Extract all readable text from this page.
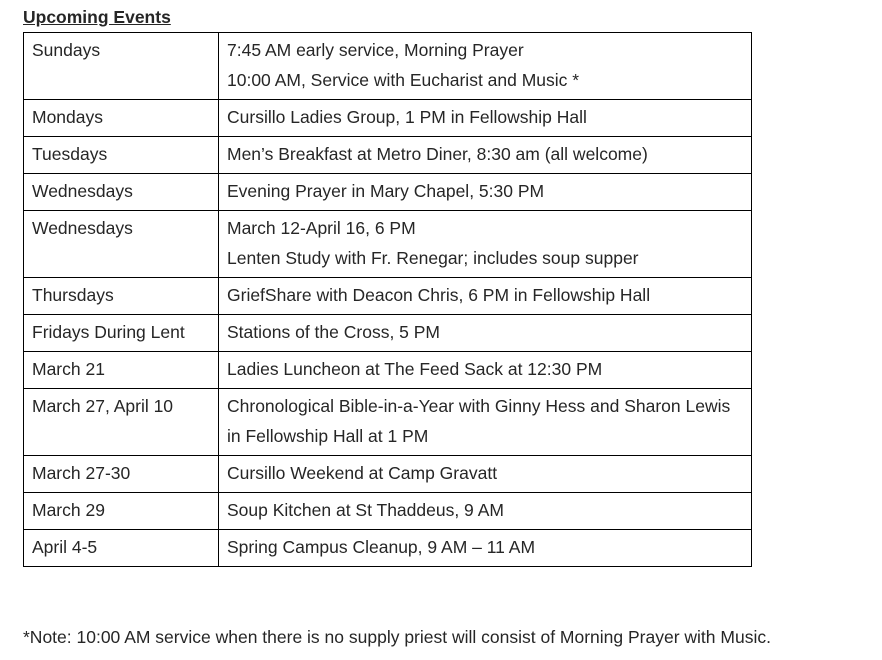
Upcoming Events
Sundays	7:45 AM early service, Morning Prayer
10:00 AM, Service with Eucharist and Music *

Mondays	Cursillo Ladies Group, 1 PM in Fellowship Hall

Tuesdays	Men’s Breakfast at Metro Diner, 8:30 am (all welcome)

Wednesdays	Evening Prayer in Mary Chapel, 5:30 PM

Wednesdays	March 12-April 16, 6 PM
Lenten Study with Fr. Renegar; includes soup supper

Thursdays	GriefShare with Deacon Chris, 6 PM in Fellowship Hall

Fridays During Lent	Stations of the Cross, 5 PM

March 21	Ladies Luncheon at The Feed Sack at 12:30 PM

March 27, April 10	Chronological Bible-in-a-Year with Ginny Hess and Sharon Lewis
in Fellowship Hall at 1 PM

March 27-30	Cursillo Weekend at Camp Gravatt

March 29	Soup Kitchen at St Thaddeus, 9 AM

April 4-5	Spring Campus Cleanup, 9 AM – 11 AM
*Note: 10:00 AM service when there is no supply priest will consist of Morning Prayer with Music.
